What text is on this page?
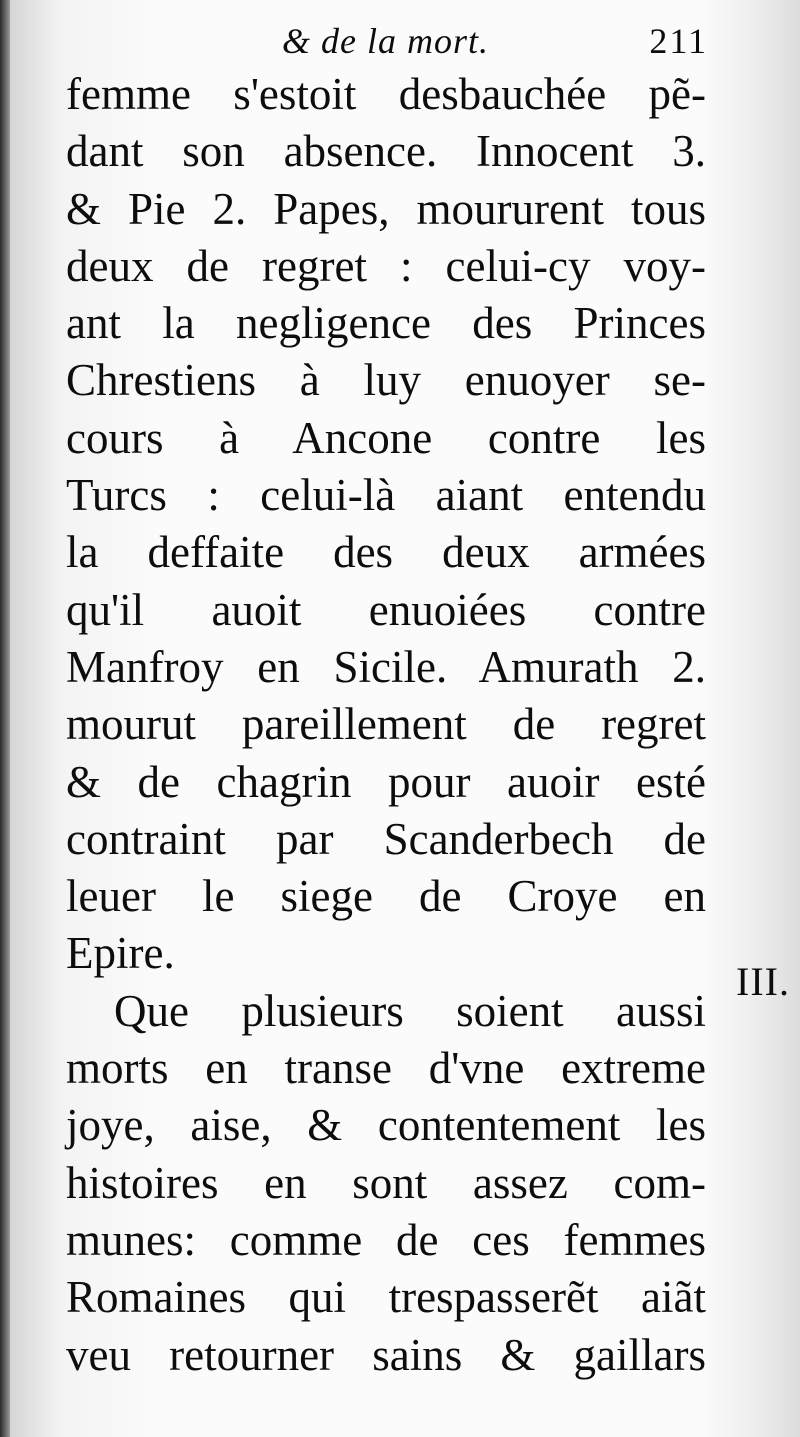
& de la mort.	211
femme s'estoit desbauchée pẽ-
dant son absence. Innocent 3.
& Pie 2. Papes, moururent tous
deux de regret : celui-cy voy-
ant la negligence des Princes
Chrestiens à luy enuoyer se-
cours à Ancone contre les
Turcs : celui-là aiant entendu
la deffaite des deux armées
qu'il auoit enuoiées contre
Manfroy en Sicile. Amurath 2.
mourut pareillement de regret
& de chagrin pour auoir esté
contraint par Scanderbech de
leuer le siege de Croye en
Epire.
Que plusieurs soient aussi
morts en transe d'vne extreme
joye, aise, & contentement les
histoires en sont assez com-
munes: comme de ces femmes
Romaines qui trespasserẽt aiãt
veu retourner sains & gaillars
III.
